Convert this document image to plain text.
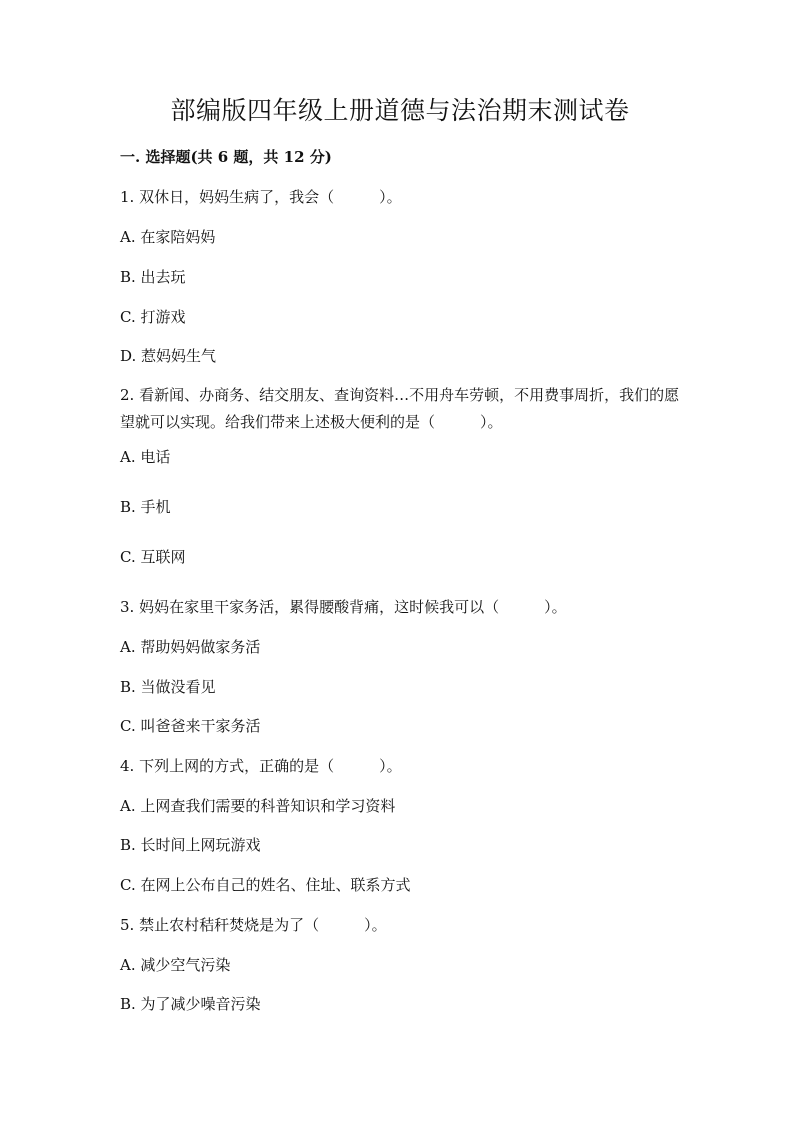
部编版四年级上册道德与法治期末测试卷
一. 选择题(共 6 题，共 12 分)
1. 双休日，妈妈生病了，我会（　　　）。
A. 在家陪妈妈
B. 出去玩
C. 打游戏
D. 惹妈妈生气
2. 看新闻、办商务、结交朋友、查询资料…不用舟车劳顿，不用费事周折，我们的愿望就可以实现。给我们带来上述极大便利的是（　　　）。
A. 电话
B. 手机
C. 互联网
3. 妈妈在家里干家务活，累得腰酸背痛，这时候我可以（　　　）。
A. 帮助妈妈做家务活
B. 当做没看见
C. 叫爸爸来干家务活
4. 下列上网的方式，正确的是（　　　）。
A. 上网查我们需要的科普知识和学习资料
B. 长时间上网玩游戏
C. 在网上公布自己的姓名、住址、联系方式
5. 禁止农村秸秆焚烧是为了（　　　）。
A. 减少空气污染
B. 为了减少噪音污染
